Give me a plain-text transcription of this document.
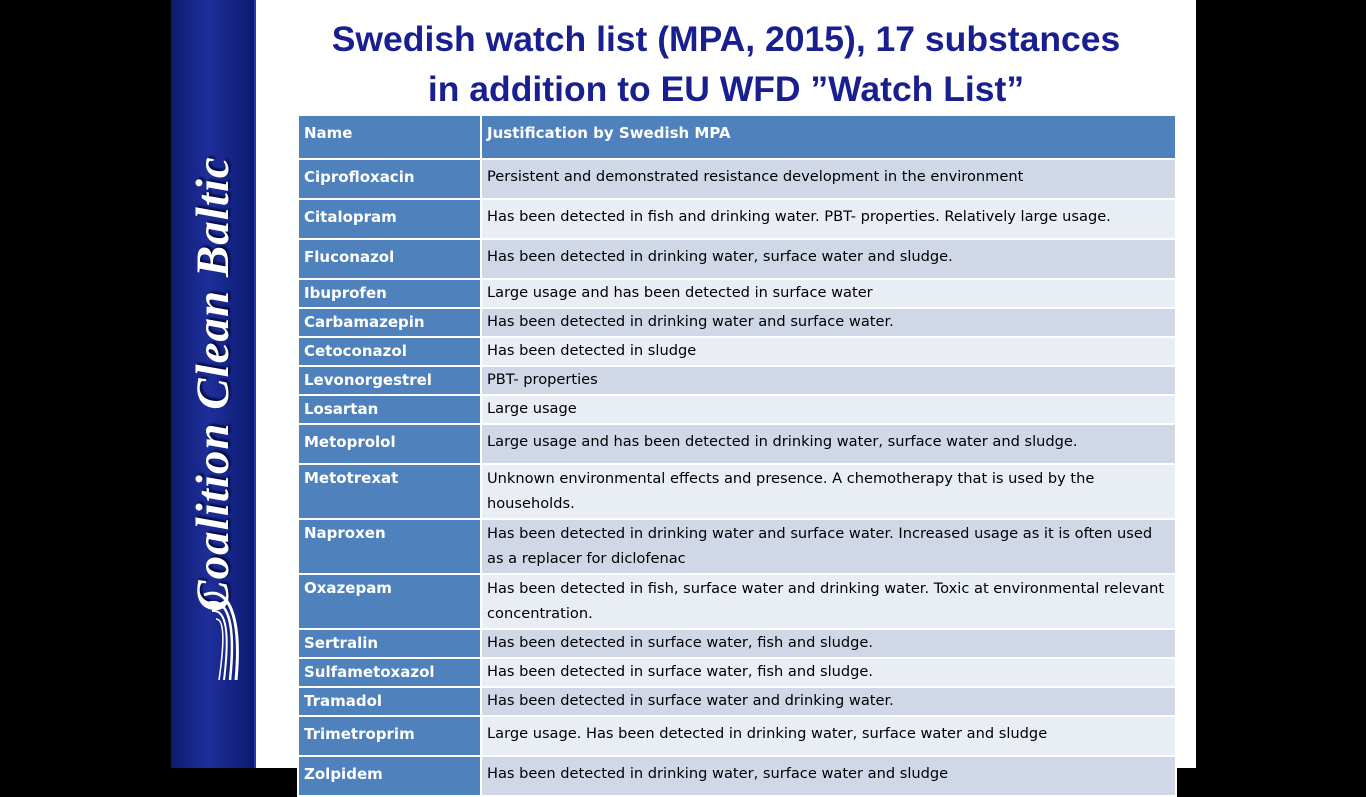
Coalition Clean Baltic
Swedish watch list (MPA, 2015), 17 substances
in addition to EU WFD ”Watch List”
Name	Justification by Swedish MPA
Ciprofloxacin	Persistent and demonstrated resistance development in the environment
Citalopram	Has been detected in fish and drinking water. PBT- properties. Relatively large usage.
Fluconazol	Has been detected in drinking water, surface water and sludge.
Ibuprofen	Large usage and has been detected in surface water
Carbamazepin	Has been detected in drinking water and surface water.
Cetoconazol	Has been detected in sludge
Levonorgestrel	PBT- properties
Losartan	Large usage
Metoprolol	Large usage and has been detected in drinking water, surface water and sludge.
Metotrexat	Unknown environmental effects and presence. A chemotherapy that is used by the households.
Naproxen	Has been detected in drinking water and surface water. Increased usage as it is often used as a replacer for diclofenac
Oxazepam	Has been detected in fish, surface water and drinking water. Toxic at environmental relevant concentration.
Sertralin	Has been detected in surface water, fish and sludge.
Sulfametoxazol	Has been detected in surface water, fish and sludge.
Tramadol	Has been detected in surface water and drinking water.
Trimetroprim	Large usage. Has been detected in drinking water, surface water and sludge
Zolpidem	Has been detected in drinking water, surface water and sludge
